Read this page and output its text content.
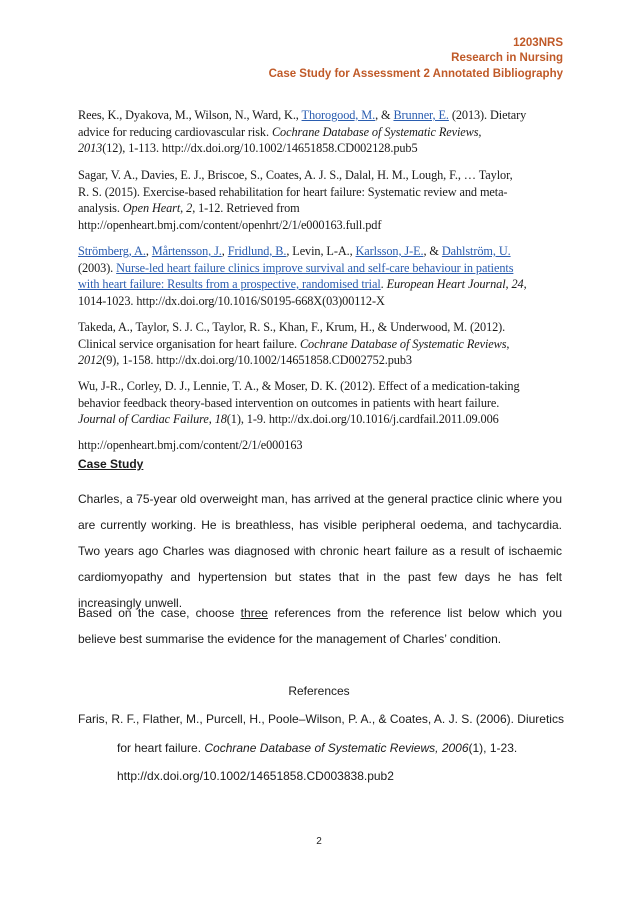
1203NRS
Research in Nursing
Case Study for Assessment 2 Annotated Bibliography

Rees, K., Dyakova, M., Wilson, N., Ward, K., Thorogood, M., & Brunner, E. (2013). Dietary

advice for reducing cardiovascular risk. Cochrane Database of Systematic Reviews,

2013(12), 1-113. http://dx.doi.org/10.1002/14651858.CD002128.pub5

Sagar, V. A., Davies, E. J., Briscoe, S., Coates, A. J. S., Dalal, H. M., Lough, F., … Taylor,

R. S. (2015). Exercise-based rehabilitation for heart failure: Systematic review and meta-

analysis. Open Heart, 2, 1-12. Retrieved from

http://openheart.bmj.com/content/openhrt/2/1/e000163.full.pdf

Strömberg, A., Mårtensson, J., Fridlund, B., Levin, L-A., Karlsson, J-E., & Dahlström, U.

(2003). Nurse-led heart failure clinics improve survival and self-care behaviour in patients

with heart failure: Results from a prospective, randomised trial. European Heart Journal, 24,

1014-1023. http://dx.doi.org/10.1016/S0195-668X(03)00112-X

Takeda, A., Taylor, S. J. C., Taylor, R. S., Khan, F., Krum, H., & Underwood, M. (2012).

Clinical service organisation for heart failure. Cochrane Database of Systematic Reviews,

2012(9), 1-158. http://dx.doi.org/10.1002/14651858.CD002752.pub3

Wu, J-R., Corley, D. J., Lennie, T. A., & Moser, D. K. (2012). Effect of a medication-taking

behavior feedback theory-based intervention on outcomes in patients with heart failure.

Journal of Cardiac Failure, 18(1), 1-9. http://dx.doi.org/10.1016/j.cardfail.2011.09.006

http://openheart.bmj.com/content/2/1/e000163

Case Study
Charles, a 75-year old overweight man, has arrived at the general practice clinic where you are currently working. He is breathless, has visible peripheral oedema, and tachycardia. Two years ago Charles was diagnosed with chronic heart failure as a result of ischaemic cardiomyopathy and hypertension but states that in the past few days he has felt increasingly unwell.
Based on the case, choose three references from the reference list below which you believe best summarise the evidence for the management of Charles’ condition.
References
Faris, R. F., Flather, M., Purcell, H., Poole–Wilson, P. A., & Coates, A. J. S. (2006). Diuretics
for heart failure. Cochrane Database of Systematic Reviews, 2006(1), 1-23.
http://dx.doi.org/10.1002/14651858.CD003838.pub2
2
